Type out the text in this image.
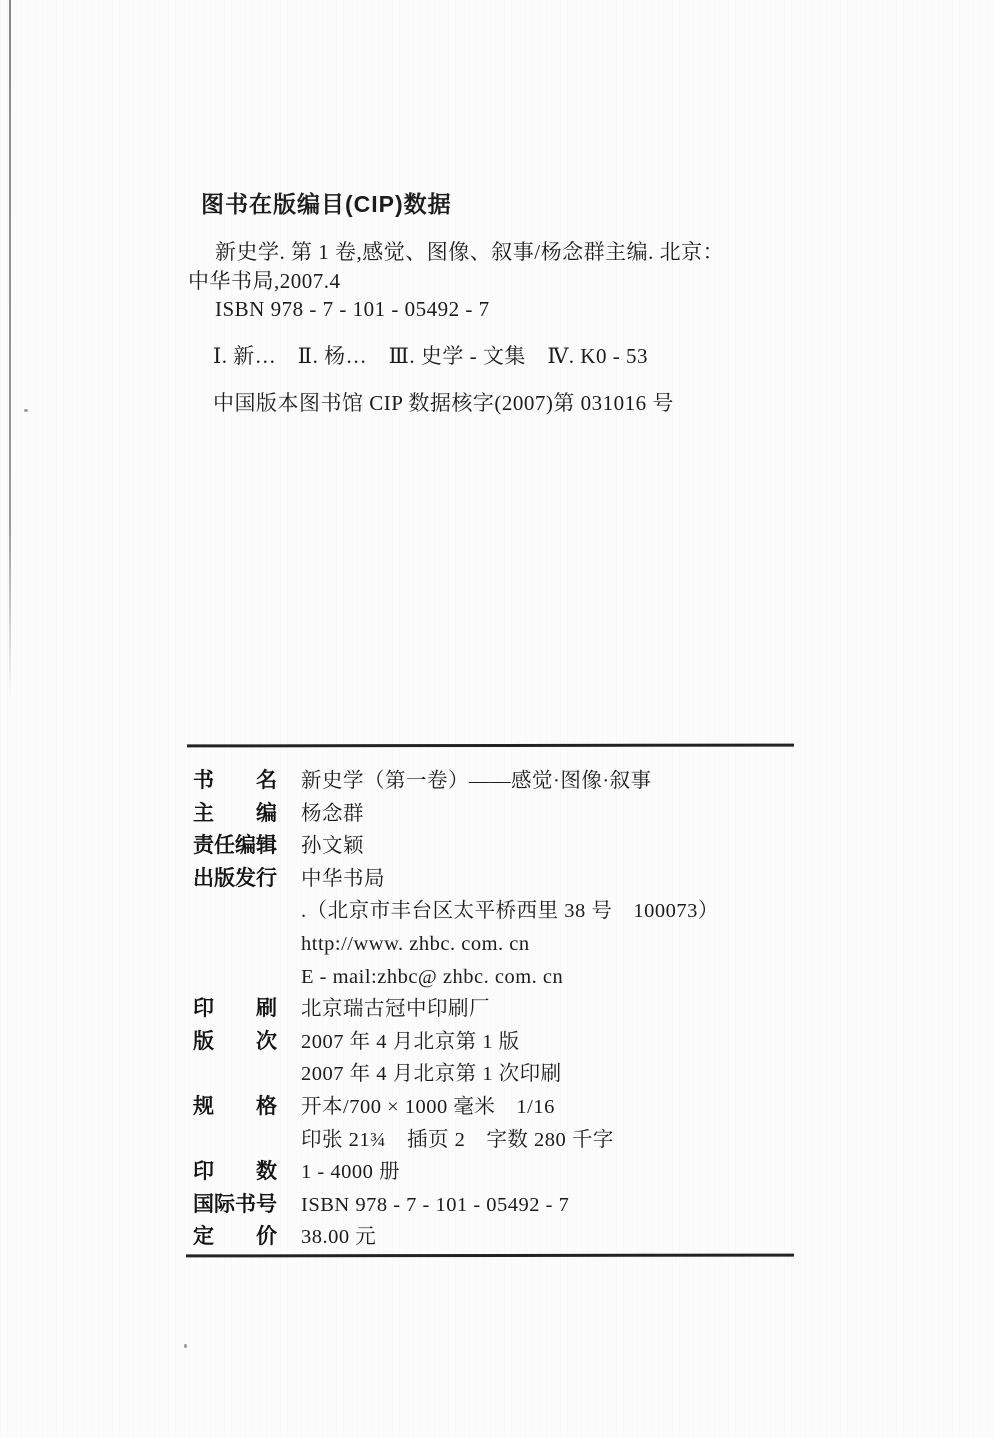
图书在版编目(CIP)数据
新史学. 第 1 卷,感觉、图像、叙事/杨念群主编. 北京：
中华书局,2007.4
ISBN 978 - 7 - 101 - 05492 - 7
Ⅰ. 新…　Ⅱ. 杨…　Ⅲ. 史学 - 文集　Ⅳ. K0 - 53
中国版本图书馆 CIP 数据核字(2007)第 031016 号
书　　名	新史学（第一卷）——感觉·图像·叙事
主　　编	杨念群
责任编辑	孙文颖
出版发行	中华书局
.（北京市丰台区太平桥西里 38 号　100073）
http://www. zhbc. com. cn
E - mail:zhbc@ zhbc. com. cn
印　　刷	北京瑞古冠中印刷厂
版　　次	2007 年 4 月北京第 1 版
2007 年 4 月北京第 1 次印刷
规　　格	开本/700 × 1000 毫米　1/16
印张 21¾　插页 2　字数 280 千字
印　　数	1 - 4000 册
国际书号	ISBN 978 - 7 - 101 - 05492 - 7
定　　价	38.00 元
